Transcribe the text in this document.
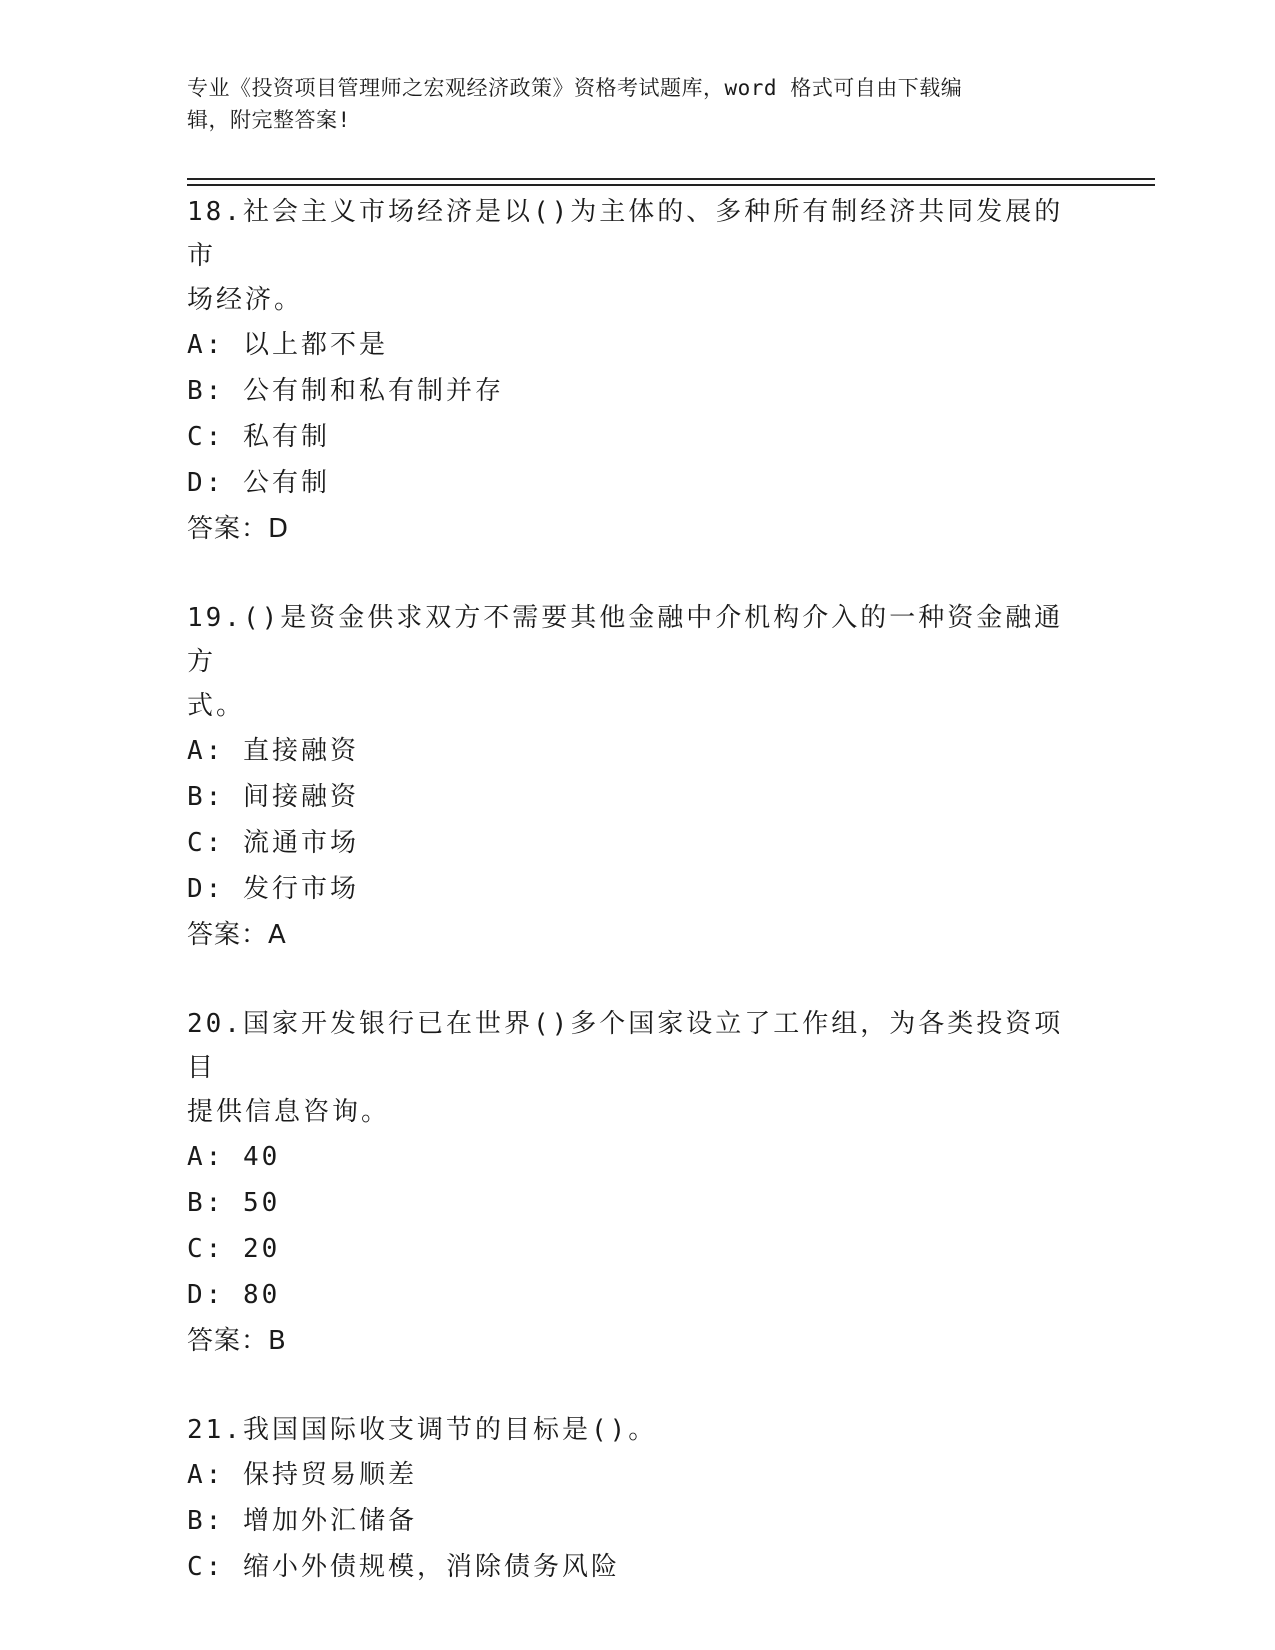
专业《投资项目管理师之宏观经济政策》资格考试题库，word 格式可自由下载编
辑，附完整答案!
18.社会主义市场经济是以()为主体的、多种所有制经济共同发展的市
场经济。
A: 以上都不是
B: 公有制和私有制并存
C: 私有制
D: 公有制
答案：D
19.()是资金供求双方不需要其他金融中介机构介入的一种资金融通方
式。
A: 直接融资
B: 间接融资
C: 流通市场
D: 发行市场
答案：A
20.国家开发银行已在世界()多个国家设立了工作组，为各类投资项目
提供信息咨询。
A: 40
B: 50
C: 20
D: 80
答案：B
21.我国国际收支调节的目标是()。
A: 保持贸易顺差
B: 增加外汇储备
C: 缩小外债规模，消除债务风险
